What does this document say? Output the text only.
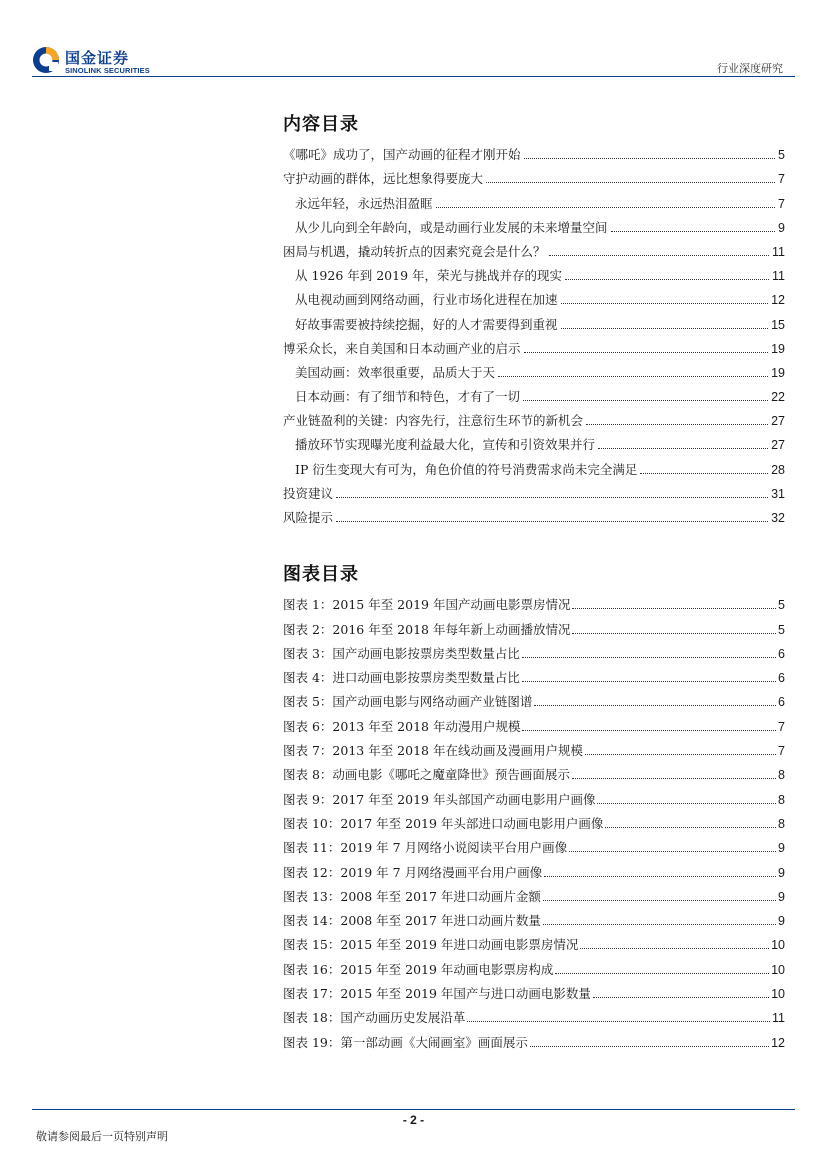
国金证券
SINOLINK SECURITIES	行业深度研究
内容目录
《哪吒》成功了，国产动画的征程才刚开始	5
守护动画的群体，远比想象得要庞大	7
永远年轻，永远热泪盈眶	7
从少儿向到全年龄向，或是动画行业发展的未来增量空间	9
困局与机遇，撬动转折点的因素究竟会是什么？	11
从 1926 年到 2019 年，荣光与挑战并存的现实	11
从电视动画到网络动画，行业市场化进程在加速	12
好故事需要被持续挖掘，好的人才需要得到重视	15
博采众长，来自美国和日本动画产业的启示	19
美国动画：效率很重要，品质大于天	19
日本动画：有了细节和特色，才有了一切	22
产业链盈利的关键：内容先行，注意衍生环节的新机会	27
播放环节实现曝光度利益最大化，宣传和引资效果并行	27
IP 衍生变现大有可为，角色价值的符号消费需求尚未完全满足	28
投资建议	31
风险提示	32
图表目录
图表 1：2015 年至 2019 年国产动画电影票房情况	5
图表 2：2016 年至 2018 年每年新上动画播放情况	5
图表 3：国产动画电影按票房类型数量占比	6
图表 4：进口动画电影按票房类型数量占比	6
图表 5：国产动画电影与网络动画产业链图谱	6
图表 6：2013 年至 2018 年动漫用户规模	7
图表 7：2013 年至 2018 年在线动画及漫画用户规模	7
图表 8：动画电影《哪吒之魔童降世》预告画面展示	8
图表 9：2017 年至 2019 年头部国产动画电影用户画像	8
图表 10：2017 年至 2019 年头部进口动画电影用户画像	8
图表 11：2019 年 7 月网络小说阅读平台用户画像	9
图表 12：2019 年 7 月网络漫画平台用户画像	9
图表 13：2008 年至 2017 年进口动画片金额	9
图表 14：2008 年至 2017 年进口动画片数量	9
图表 15：2015 年至 2019 年进口动画电影票房情况	10
图表 16：2015 年至 2019 年动画电影票房构成	10
图表 17：2015 年至 2019 年国产与进口动画电影数量	10
图表 18：国产动画历史发展沿革	11
图表 19：第一部动画《大闹画室》画面展示	12
- 2 -
敬请参阅最后一页特别声明
